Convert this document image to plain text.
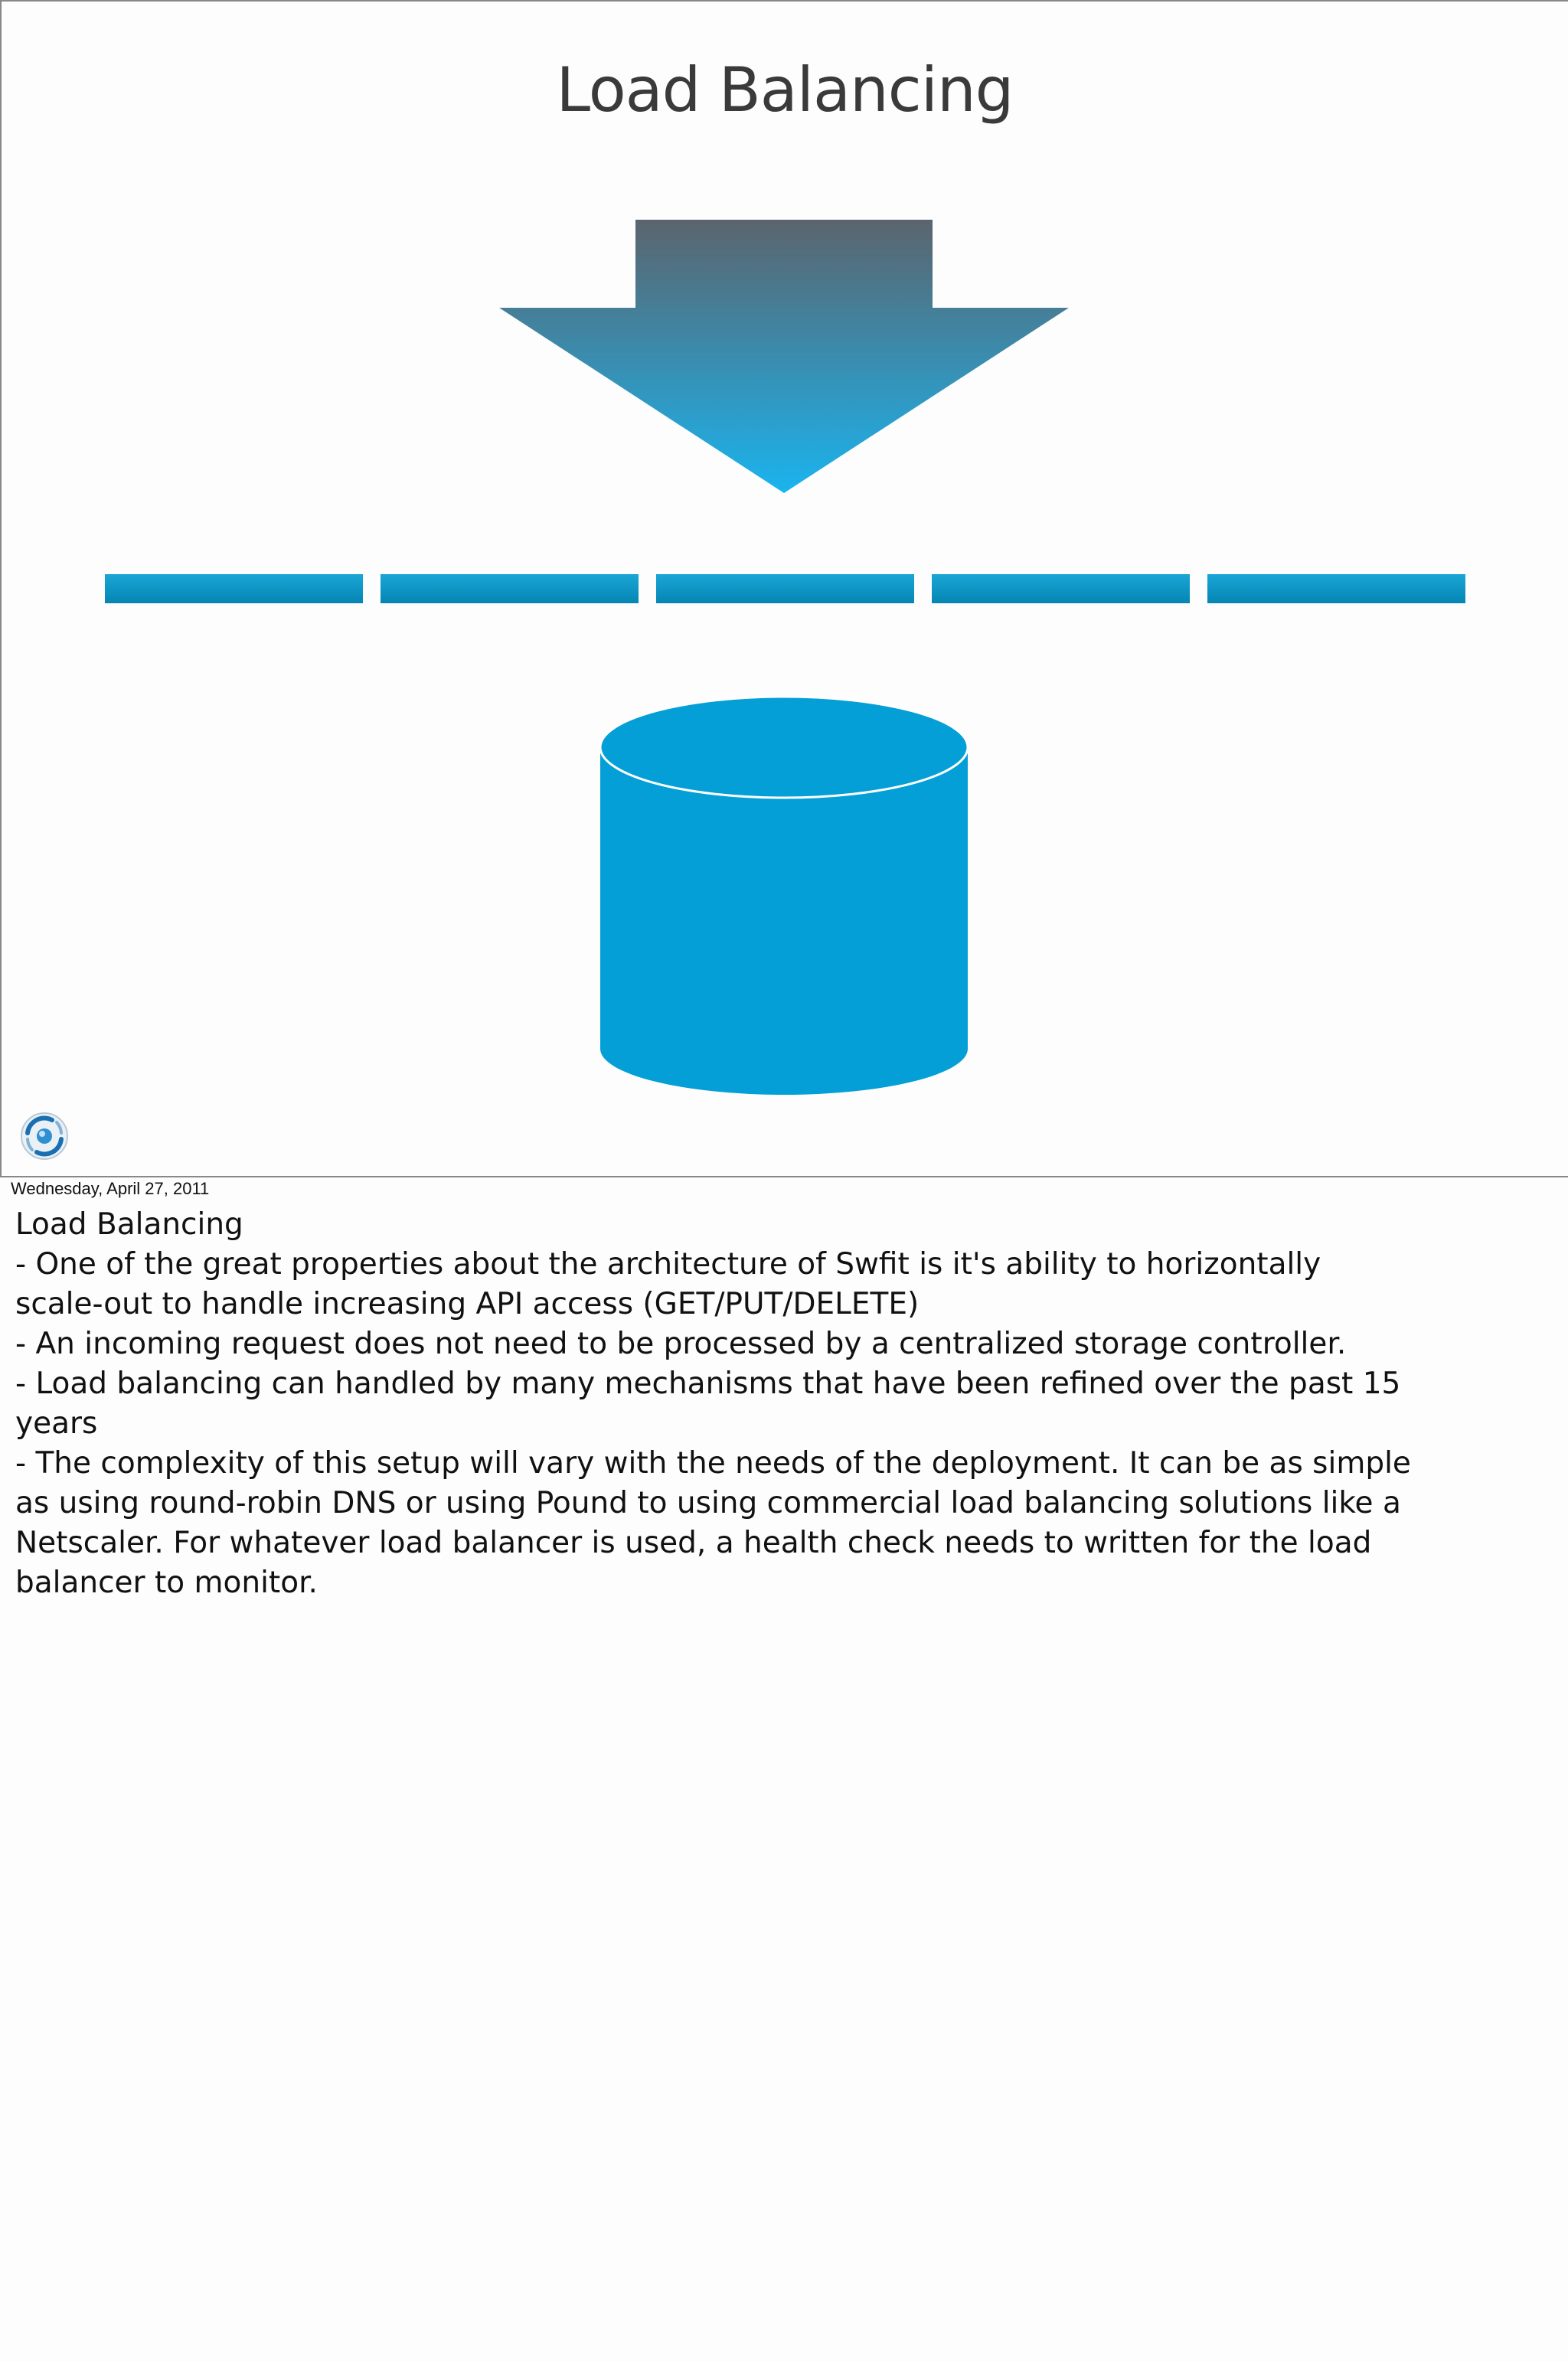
Load Balancing
Wednesday, April 27, 2011

Load Balancing

- One of the great properties about the architecture of Swfit is it's ability to horizontally

scale-out to handle increasing API access (GET/PUT/DELETE)

- An incoming request does not need to be processed by a centralized storage controller.

- Load balancing can handled by many mechanisms that have been refined over the past 15

years

- The complexity of this setup will vary with the needs of the deployment. It can be as simple

as using round-robin DNS or using Pound to using commercial load balancing solutions like a

Netscaler. For whatever load balancer is used, a health check needs to written for the load

balancer to monitor.
